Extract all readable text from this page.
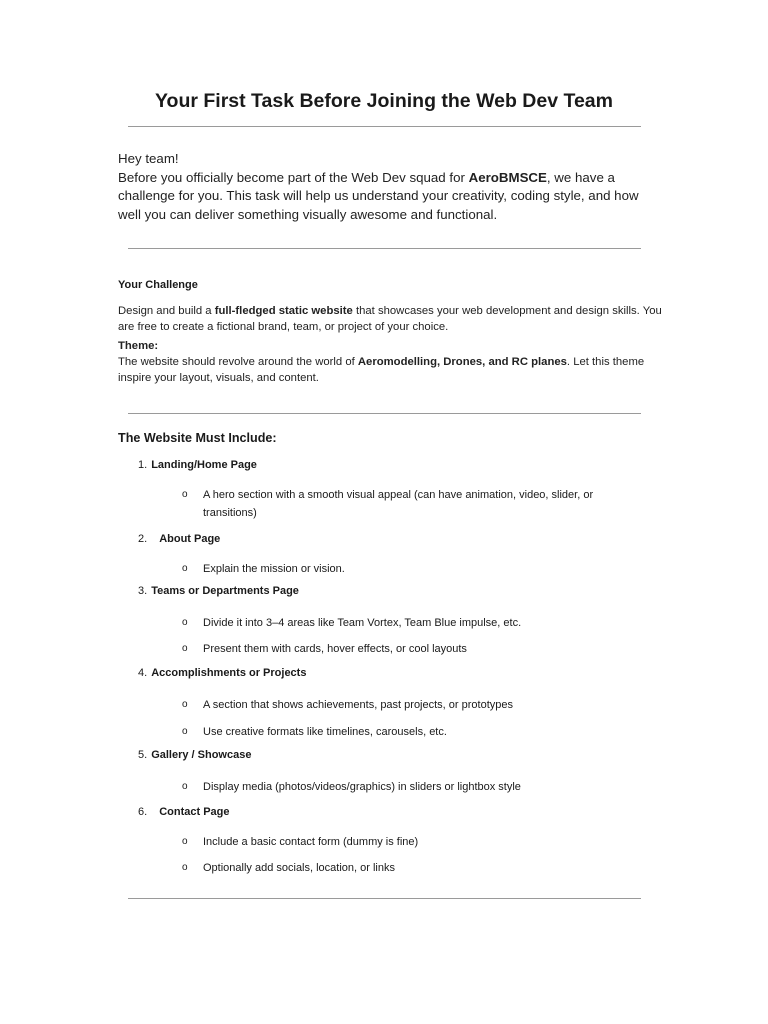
Your First Task Before Joining the Web Dev Team

Hey team!

Before you officially become part of the Web Dev squad for AeroBMSCE, we have a challenge for you. This task will help us understand your creativity, coding style, and how well you can deliver something visually awesome and functional.

Your Challenge

Design and build a full-fledged static website that showcases your web development and design skills. You are free to create a fictional brand, team, or project of your choice.

Theme:

The website should revolve around the world of Aeromodelling, Drones, and RC planes. Let this theme inspire your layout, visuals, and content.

The Website Must Include:
1. Landing/Home Page
o A hero section with a smooth visual appeal (can have animation, video, slider, or transitions)
2. About Page
o Explain the mission or vision.
3. Teams or Departments Page
o Divide it into 3–4 areas like Team Vortex, Team Blue impulse, etc.
o Present them with cards, hover effects, or cool layouts
4. Accomplishments or Projects
o A section that shows achievements, past projects, or prototypes
o Use creative formats like timelines, carousels, etc.
5. Gallery / Showcase
o Display media (photos/videos/graphics) in sliders or lightbox style
6. Contact Page
o Include a basic contact form (dummy is fine)
o Optionally add socials, location, or links
